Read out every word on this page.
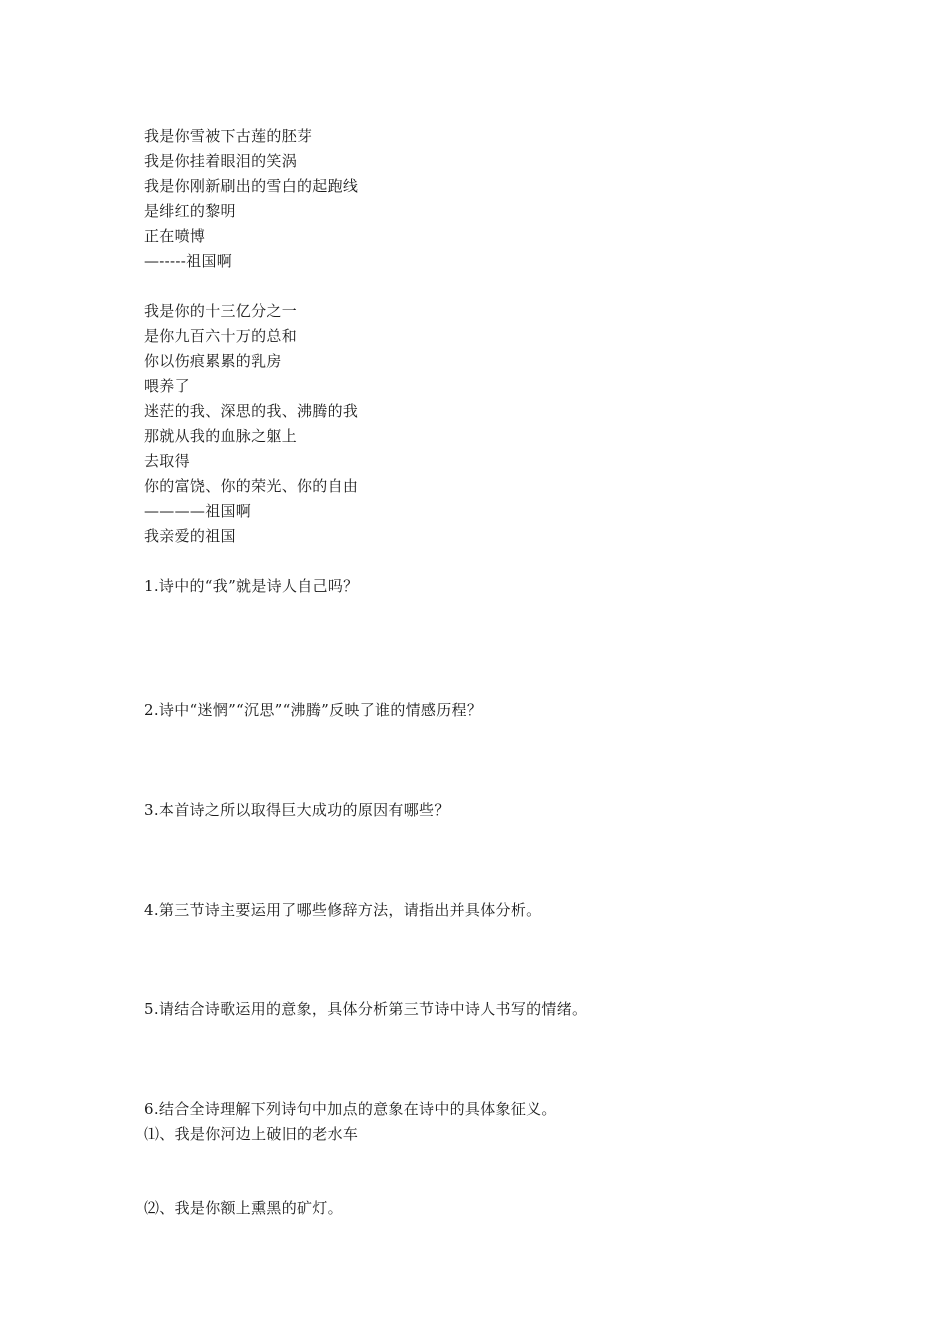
我是你雪被下古莲的胚芽
我是你挂着眼泪的笑涡
我是你刚新刷出的雪白的起跑线
是绯红的黎明
正在喷博
—-----祖国啊
我是你的十三亿分之一
是你九百六十万的总和
你以伤痕累累的乳房
喂养了
迷茫的我、深思的我、沸腾的我
那就从我的血脉之躯上
去取得
你的富饶、你的荣光、你的自由
————祖国啊
我亲爱的祖国
1.诗中的“我”就是诗人自己吗？
2.诗中“迷惘”“沉思”“沸腾”反映了谁的情感历程？
3.本首诗之所以取得巨大成功的原因有哪些？
4.第三节诗主要运用了哪些修辞方法，请指出并具体分析。
5.请结合诗歌运用的意象，具体分析第三节诗中诗人书写的情绪。
6.结合全诗理解下列诗句中加点的意象在诗中的具体象征义。
⑴、我是你河边上破旧的老水车
⑵、我是你额上熏黑的矿灯。
